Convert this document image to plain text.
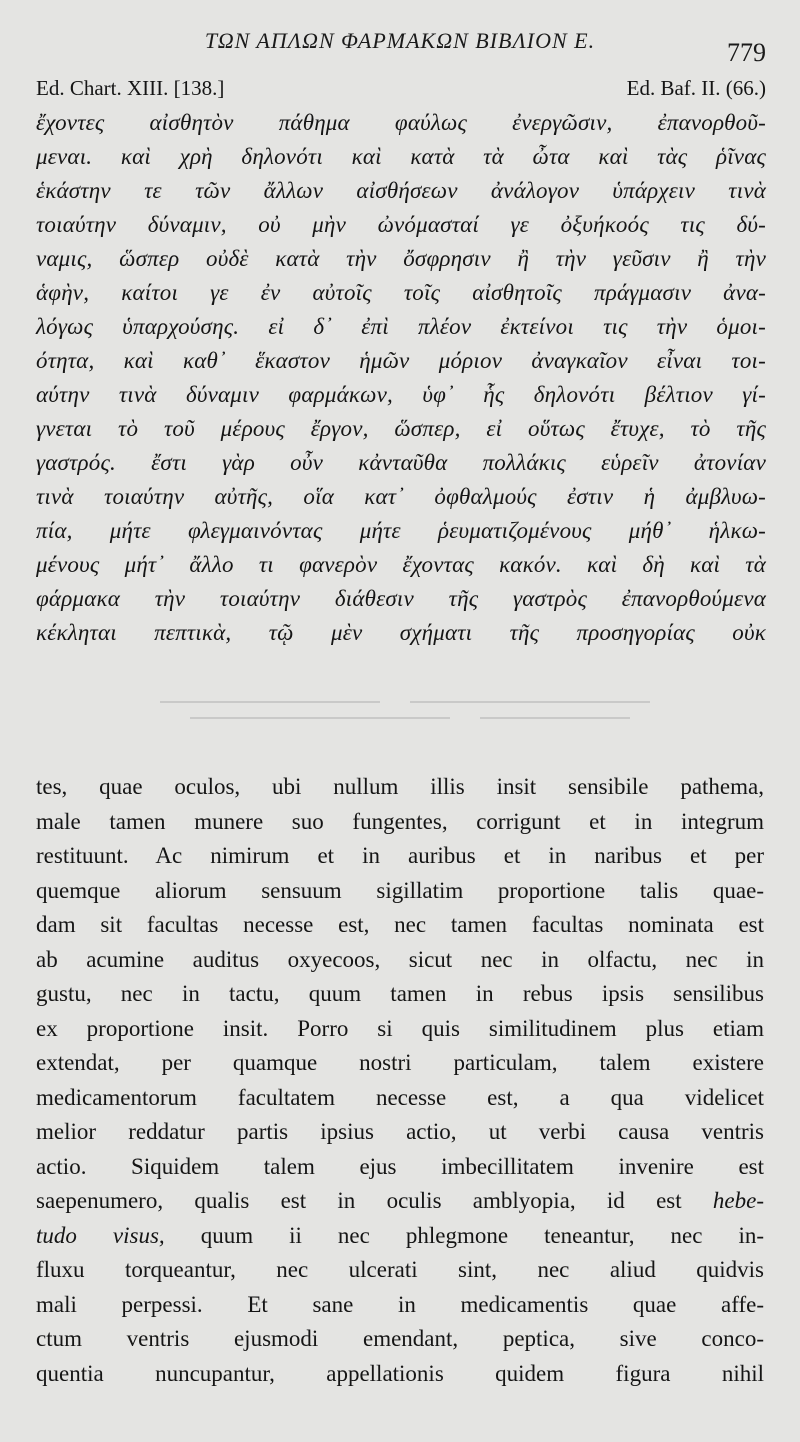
ΤΩΝ ΑΠΛΩΝ ΦΑΡΜΑΚΩΝ ΒΙΒΛΙΟΝ Ε.	779
Ed. Chart. XIII. [138.]	Ed. Baf. II. (66.)
ἔχοντες αἰσθητὸν πάθημα φαύλως ἐνεργῶσιν, ἐπανορθοῦ-
μεναι. καὶ χρὴ δηλονότι καὶ κατὰ τὰ ὦτα καὶ τὰς ῥῖνας
ἑκάστην τε τῶν ἄλλων αἰσθήσεων ἀνάλογον ὑπάρχειν τινὰ
τοιαύτην δύναμιν, οὐ μὴν ὠνόμασταί γε ὀξυήκοός τις δύ-
ναμις, ὥσπερ οὐδὲ κατὰ τὴν ὄσφρησιν ἢ τὴν γεῦσιν ἢ τὴν
ἁφὴν, καίτοι γε ἐν αὐτοῖς τοῖς αἰσθητοῖς πράγμασιν ἀνα-
λόγως ὑπαρχούσης. εἰ δ᾽ ἐπὶ πλέον ἐκτείνοι τις τὴν ὁμοι-
ότητα, καὶ καθ᾽ ἕκαστον ἡμῶν μόριον ἀναγκαῖον εἶναι τοι-
αύτην τινὰ δύναμιν φαρμάκων, ὑφ᾽ ἧς δηλονότι βέλτιον γί-
γνεται τὸ τοῦ μέρους ἔργον, ὥσπερ, εἰ οὕτως ἔτυχε, τὸ τῆς
γαστρός. ἔστι γὰρ οὖν κἀνταῦθα πολλάκις εὑρεῖν ἀτονίαν
τινὰ τοιαύτην αὐτῆς, οἵα κατ᾽ ὀφθαλμούς ἐστιν ἡ ἀμβλυω-
πία, μήτε φλεγμαινόντας μήτε ῥευματιζομένους μήθ᾽ ἡλκω-
μένους μήτ᾽ ἄλλο τι φανερὸν ἔχοντας κακόν. καὶ δὴ καὶ τὰ
φάρμακα τὴν τοιαύτην διάθεσιν τῆς γαστρὸς ἐπανορθούμενα
κέκληται πεπτικὰ, τῷ μὲν σχήματι τῆς προσηγορίας οὐκ
tes, quae oculos, ubi nullum illis insit sensibile pathema,
male tamen munere suo fungentes, corrigunt et in integrum
restituunt. Ac nimirum et in auribus et in naribus et per
quemque aliorum sensuum sigillatim proportione talis quae-
dam sit facultas necesse est, nec tamen facultas nominata est
ab acumine auditus oxyecoos, sicut nec in olfactu, nec in
gustu, nec in tactu, quum tamen in rebus ipsis sensilibus
ex proportione insit. Porro si quis similitudinem plus etiam
extendat, per quamque nostri particulam, talem existere
medicamentorum facultatem necesse est, a qua videlicet
melior reddatur partis ipsius actio, ut verbi causa ventris
actio. Siquidem talem ejus imbecillitatem invenire est
saepenumero, qualis est in oculis amblyopia, id est hebe-
tudo visus, quum ii nec phlegmone teneantur, nec in-
fluxu torqueantur, nec ulcerati sint, nec aliud quidvis
mali perpessi. Et sane in medicamentis quae affe-
ctum ventris ejusmodi emendant, peptica, sive conco-
quentia nuncupantur, appellationis quidem figura nihil
